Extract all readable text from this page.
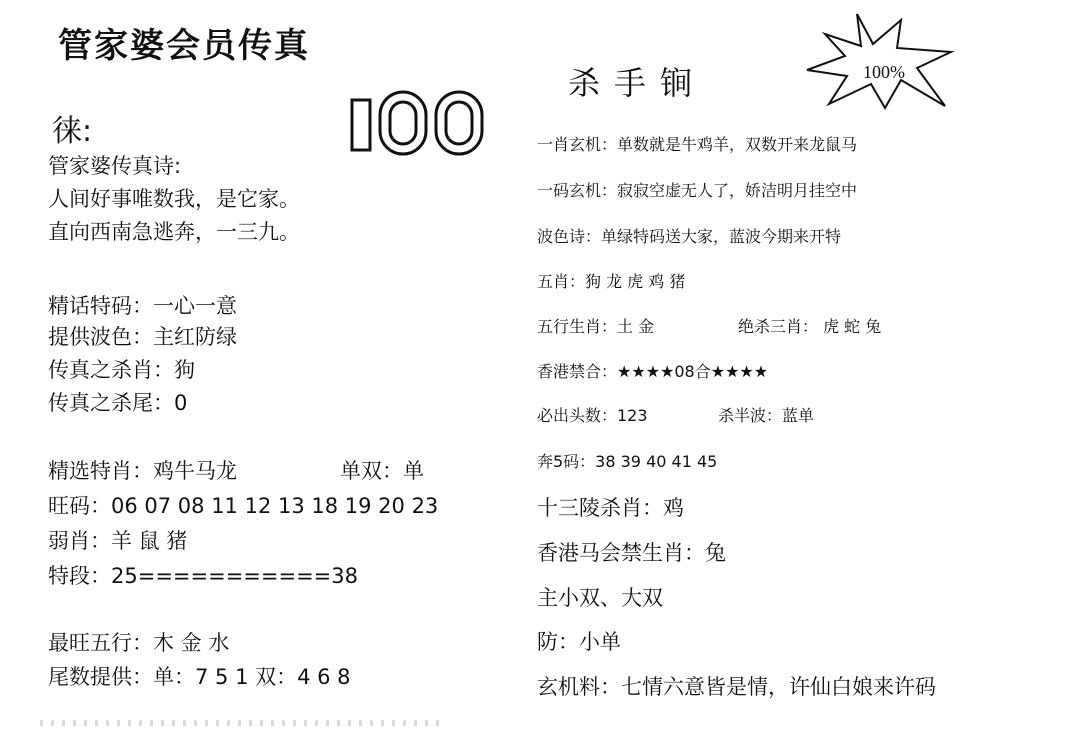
管家婆会员传真
徕:
管家婆传真诗:
人间好事唯数我，是它家。
直向西南急逃奔，一三九。
精话特码：一心一意
提供波色：主红防绿
传真之杀肖：狗
传真之杀尾：0
精选特肖：鸡牛马龙	单双：单
旺码：06 07 08 11 12 13 18 19 20 23
弱肖：羊 鼠 猪
特段：25===========38
最旺五行：木 金 水
尾数提供：单：7 5 1 双：4 6 8
杀手锏	100%
一肖玄机：单数就是牛鸡羊，双数开来龙鼠马
一码玄机：寂寂空虚无人了，娇洁明月挂空中
波色诗：单绿特码送大家，蓝波今期来开特
五肖：狗 龙 虎 鸡 猪
五行生肖：土 金	绝杀三肖： 虎 蛇 兔
香港禁合：★★★★08合★★★★
必出头数：123	杀半波：蓝单
奔5码：38 39 40 41 45
十三陵杀肖：鸡
香港马会禁生肖：兔
主小双、大双
防：小单
玄机料：七情六意皆是情，许仙白娘来许码
